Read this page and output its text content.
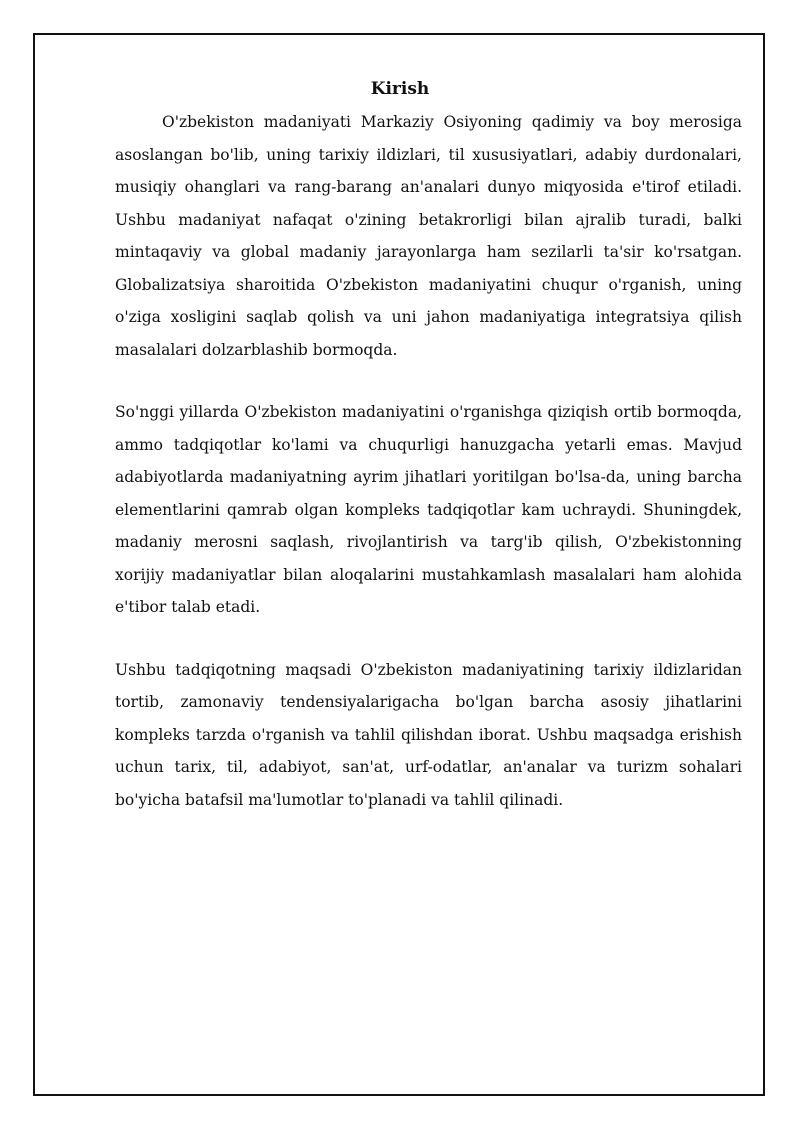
Kirish

O'zbekiston madaniyati Markaziy Osiyoning qadimiy va boy merosiga asoslangan bo'lib, uning tarixiy ildizlari, til xususiyatlari, adabiy durdonalari, musiqiy ohanglari va rang-barang an'analari dunyo miqyosida e'tirof etiladi. Ushbu madaniyat nafaqat o'zining betakrorligi bilan ajralib turadi, balki mintaqaviy va global madaniy jarayonlarga ham sezilarli ta'sir ko'rsatgan. Globalizatsiya sharoitida O'zbekiston madaniyatini chuqur o'rganish, uning o'ziga xosligini saqlab qolish va uni jahon madaniyatiga integratsiya qilish masalalari dolzarblashib bormoqda.

So'nggi yillarda O'zbekiston madaniyatini o'rganishga qiziqish ortib bormoqda, ammo tadqiqotlar ko'lami va chuqurligi hanuzgacha yetarli emas. Mavjud adabiyotlarda madaniyatning ayrim jihatlari yoritilgan bo'lsa-da, uning barcha elementlarini qamrab olgan kompleks tadqiqotlar kam uchraydi. Shuningdek, madaniy merosni saqlash, rivojlantirish va targ'ib qilish, O'zbekistonning xorijiy madaniyatlar bilan aloqalarini mustahkamlash masalalari ham alohida e'tibor talab etadi.

Ushbu tadqiqotning maqsadi O'zbekiston madaniyatining tarixiy ildizlaridan tortib, zamonaviy tendensiyalarigacha bo'lgan barcha asosiy jihatlarini kompleks tarzda o'rganish va tahlil qilishdan iborat. Ushbu maqsadga erishish uchun tarix, til, adabiyot, san'at, urf-odatlar, an'analar va turizm sohalari bo'yicha batafsil ma'lumotlar to'planadi va tahlil qilinadi.
